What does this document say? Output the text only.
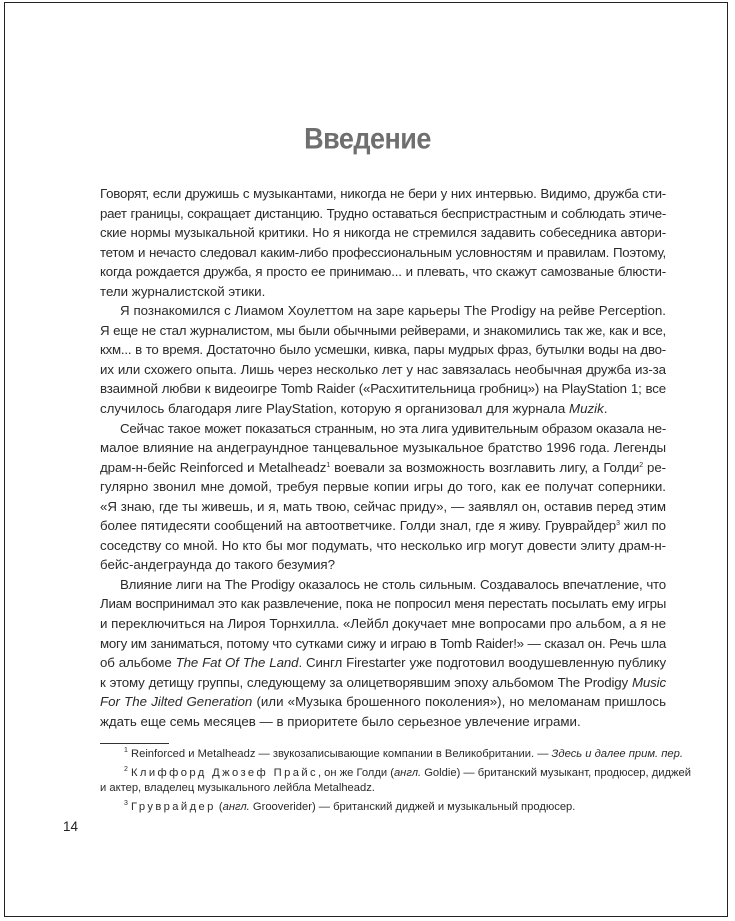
Введение
Говорят, если дружишь с музыкантами, никогда не бери у них интервью. Видимо, дружба сти-
рает границы, сокращает дистанцию. Трудно оставаться беспристрастным и соблюдать этиче-
ские нормы музыкальной критики. Но я никогда не стремился задавить собеседника автори-
тетом и нечасто следовал каким-либо профессиональным условностям и правилам. Поэтому,
когда рождается дружба, я просто ее принимаю... и плевать, что скажут самозваные блюсти-
тели журналистской этики.
Я познакомился с Лиамом Хоулеттом на заре карьеры The Prodigy на рейве Perception.
Я еще не стал журналистом, мы были обычными рейверами, и знакомились так же, как и все,
кхм... в то время. Достаточно было усмешки, кивка, пары мудрых фраз, бутылки воды на дво-
их или схожего опыта. Лишь через несколько лет у нас завязалась необычная дружба из-за
взаимной любви к видеоигре Tomb Raider («Расхитительница гробниц») на PlayStation 1; все
случилось благодаря лиге PlayStation, которую я организовал для журнала Muzik.
Сейчас такое может показаться странным, но эта лига удивительным образом оказала не-
малое влияние на андеграундное танцевальное музыкальное братство 1996 года. Легенды
драм-н-бейс Reinforced и Metalheadz$^1$ воевали за возможность возглавить лигу, а Голди$^2$ ре-
гулярно звонил мне домой, требуя первые копии игры до того, как ее получат соперники.
«Я знаю, где ты живешь, и я, мать твою, сейчас приду», — заявлял он, оставив перед этим
более пятидесяти сообщений на автоответчике. Голди знал, где я живу. Груврайдер$^3$ жил по
соседству со мной. Но кто бы мог подумать, что несколько игр могут довести элиту драм-н-
бейс-андеграунда до такого безумия?
Влияние лиги на The Prodigy оказалось не столь сильным. Создавалось впечатление, что
Лиам воспринимал это как развлечение, пока не попросил меня перестать посылать ему игры
и переключиться на Лироя Торнхилла. «Лейбл докучает мне вопросами про альбом, а я не
могу им заниматься, потому что сутками сижу и играю в Tomb Raider!» — сказал он. Речь шла
об альбоме The Fat Of The Land. Сингл Firestarter уже подготовил воодушевленную публику
к этому детищу группы, следующему за олицетворявшим эпоху альбомом The Prodigy Music
For The Jilted Generation (или «Музыка брошенного поколения»), но меломанам пришлось
ждать еще семь месяцев — в приоритете было серьезное увлечение играми.
$^1$ Reinforced и Metalheadz — звукозаписывающие компании в Великобритании. — Здесь и далее прим. пер.
$^2$ Клиффорд Джозеф Прайс, он же Голди (англ. Goldie) — британский музыкант, продюсер, диджей
и актер, владелец музыкального лейбла Metalheadz.
$^3$ Груврайдер (англ. Grooverider) — британский диджей и музыкальный продюсер.
14
